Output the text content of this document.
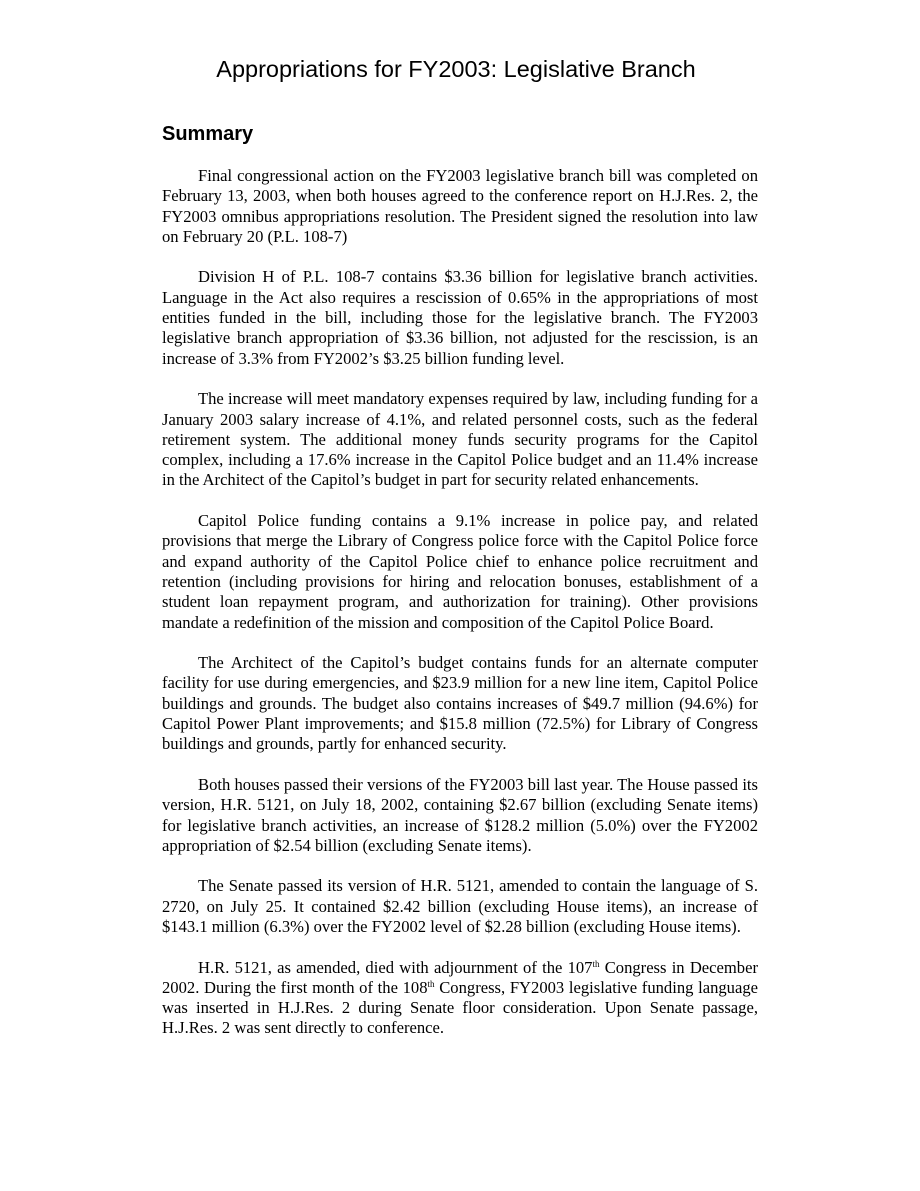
Appropriations for FY2003: Legislative Branch
Summary

Final congressional action on the FY2003 legislative branch bill was completed on February 13, 2003, when both houses agreed to the conference report on H.J.Res. 2, the FY2003 omnibus appropriations resolution. The President signed the resolution into law on February 20 (P.L. 108-7)

Division H of P.L. 108-7 contains $3.36 billion for legislative branch activities. Language in the Act also requires a rescission of 0.65% in the appropriations of most entities funded in the bill, including those for the legislative branch. The FY2003 legislative branch appropriation of $3.36 billion, not adjusted for the rescission, is an increase of 3.3% from FY2002’s $3.25 billion funding level.

The increase will meet mandatory expenses required by law, including funding for a January 2003 salary increase of 4.1%, and related personnel costs, such as the federal retirement system. The additional money funds security programs for the Capitol complex, including a 17.6% increase in the Capitol Police budget and an 11.4% increase in the Architect of the Capitol’s budget in part for security related enhancements.

Capitol Police funding contains a 9.1% increase in police pay, and related provisions that merge the Library of Congress police force with the Capitol Police force and expand authority of the Capitol Police chief to enhance police recruitment and retention (including provisions for hiring and relocation bonuses, establishment of a student loan repayment program, and authorization for training). Other provisions mandate a redefinition of the mission and composition of the Capitol Police Board.

The Architect of the Capitol’s budget contains funds for an alternate computer facility for use during emergencies, and $23.9 million for a new line item, Capitol Police buildings and grounds. The budget also contains increases of $49.7 million (94.6%) for Capitol Power Plant improvements; and $15.8 million (72.5%) for Library of Congress buildings and grounds, partly for enhanced security.

Both houses passed their versions of the FY2003 bill last year. The House passed its version, H.R. 5121, on July 18, 2002, containing $2.67 billion (excluding Senate items) for legislative branch activities, an increase of $128.2 million (5.0%) over the FY2002 appropriation of $2.54 billion (excluding Senate items).

The Senate passed its version of H.R. 5121, amended to contain the language of S. 2720, on July 25. It contained $2.42 billion (excluding House items), an increase of $143.1 million (6.3%) over the FY2002 level of $2.28 billion (excluding House items).

H.R. 5121, as amended, died with adjournment of the 107th Congress in December 2002. During the first month of the 108th Congress, FY2003 legislative funding language was inserted in H.J.Res. 2 during Senate floor consideration. Upon Senate passage, H.J.Res. 2 was sent directly to conference.
